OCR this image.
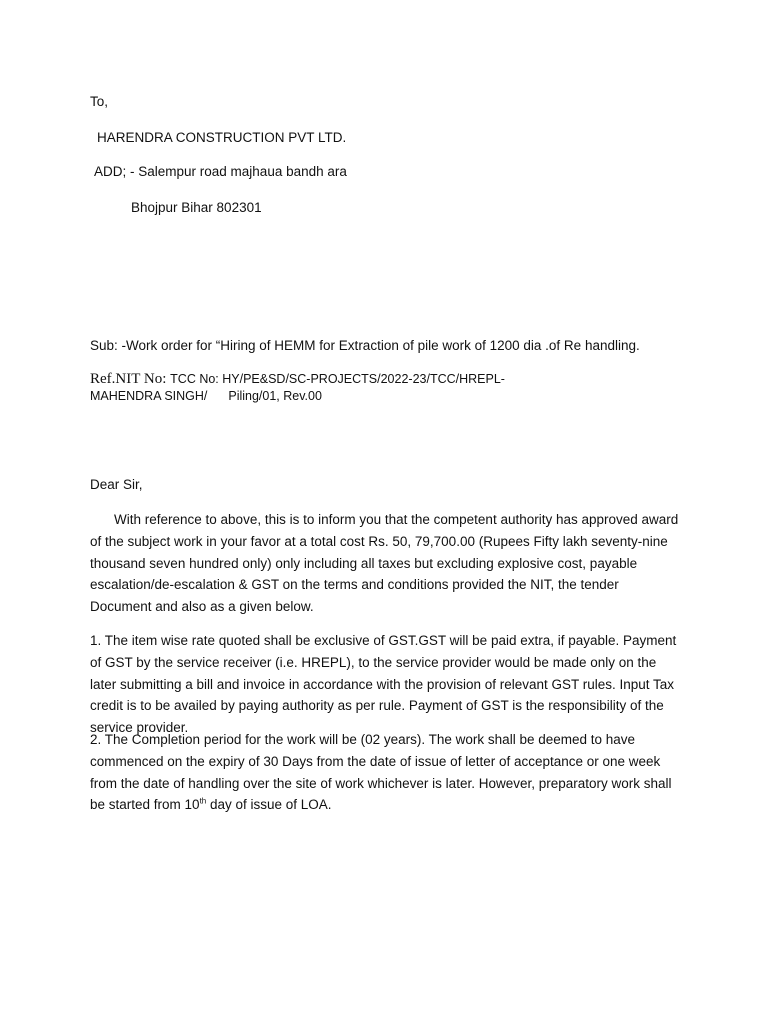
To,

HARENDRA CONSTRUCTION PVT LTD.

ADD; - Salempur road majhaua bandh ara

Bhojpur Bihar 802301

Sub: -Work order for “Hiring of HEMM for Extraction of pile work of 1200 dia .of Re handling.

Ref.NIT No: TCC No: HY/PE&SD/SC-PROJECTS/2022-23/TCC/HREPL-
MAHENDRA SINGH/ Piling/01, Rev.00

Dear Sir,

With reference to above, this is to inform you that the competent authority has approved award of the subject work in your favor at a total cost Rs. 50, 79,700.00 (Rupees Fifty lakh seventy-nine thousand seven hundred only) only including all taxes but excluding explosive cost, payable escalation/de-escalation & GST on the terms and conditions provided the NIT, the tender Document and also as a given below.

1. The item wise rate quoted shall be exclusive of GST.GST will be paid extra, if payable. Payment of GST by the service receiver (i.e. HREPL), to the service provider would be made only on the later submitting a bill and invoice in accordance with the provision of relevant GST rules. Input Tax credit is to be availed by paying authority as per rule. Payment of GST is the responsibility of the service provider.

2. The Completion period for the work will be (02 years). The work shall be deemed to have commenced on the expiry of 30 Days from the date of issue of letter of acceptance or one week from the date of handling over the site of work whichever is later. However, preparatory work shall be started from 10th day of issue of LOA.
